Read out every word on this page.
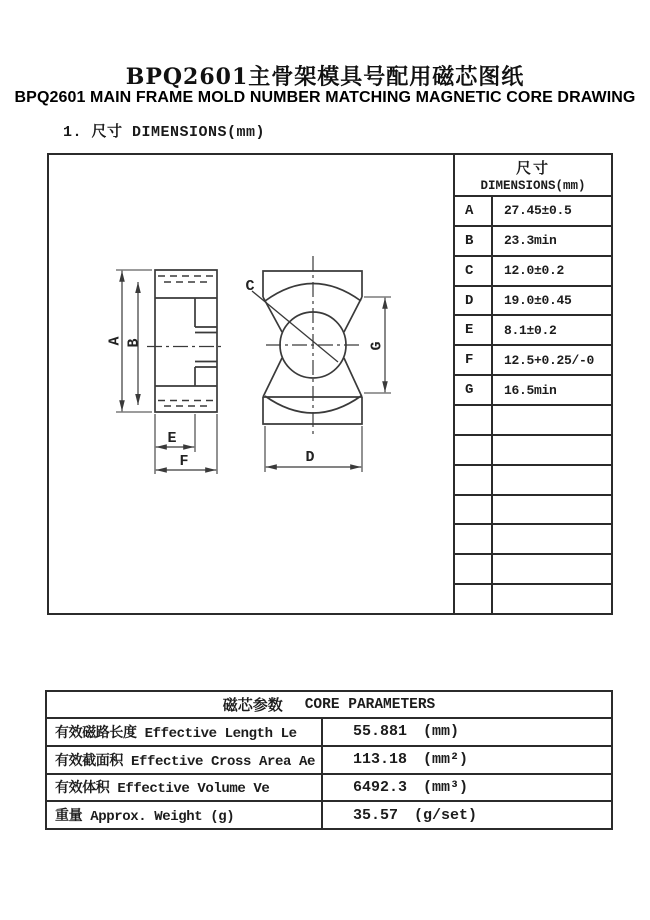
BPQ2601主骨架模具号配用磁芯图纸
BPQ2601 MAIN FRAME MOLD NUMBER MATCHING MAGNETIC CORE DRAWING
1. 尺寸 DIMENSIONS(mm)
A B
E
F
C
G
D
尺寸
DIMENSIONS(mm)
A	27.45±0.5
B	23.3min
C	12.0±0.2
D	19.0±0.45
E	8.1±0.2
F	12.5+0.25/-0
G	16.5min
磁芯参数 CORE PARAMETERS
有效磁路长度 Effective Length Le	55.881 (mm)
有效截面积 Effective Cross Area Ae	113.18 (mm²)
有效体积 Effective Volume Ve	6492.3 (mm³)
重量 Approx. Weight (g)	35.57 (g/set)
